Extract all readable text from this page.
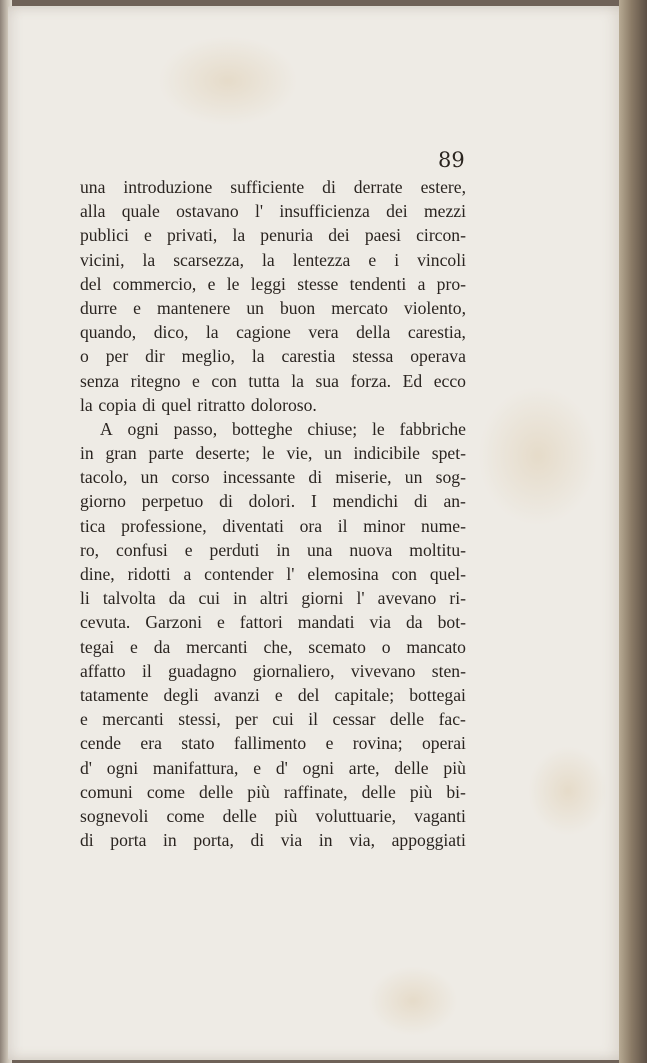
89

una introduzione sufficiente di derrate estere,
alla quale ostavano l' insufficienza dei mezzi
publici e privati, la penuria dei paesi circon-
vicini, la scarsezza, la lentezza e i vincoli
del commercio, e le leggi stesse tendenti a pro-
durre e mantenere un buon mercato violento,
quando, dico, la cagione vera della carestia,
o per dir meglio, la carestia stessa operava
senza ritegno e con tutta la sua forza. Ed ecco
la copia di quel ritratto doloroso.
A ogni passo, botteghe chiuse; le fabbriche
in gran parte deserte; le vie, un indicibile spet-
tacolo, un corso incessante di miserie, un sog-
giorno perpetuo di dolori. I mendichi di an-
tica professione, diventati ora il minor nume-
ro, confusi e perduti in una nuova moltitu-
dine, ridotti a contender l' elemosina con quel-
li talvolta da cui in altri giorni l' avevano ri-
cevuta. Garzoni e fattori mandati via da bot-
tegai e da mercanti che, scemato o mancato
affatto il guadagno giornaliero, vivevano sten-
tatamente degli avanzi e del capitale; bottegai
e mercanti stessi, per cui il cessar delle fac-
cende era stato fallimento e rovina; operai
d' ogni manifattura, e d' ogni arte, delle più
comuni come delle più raffinate, delle più bi-
sognevoli come delle più voluttuarie, vaganti
di porta in porta, di via in via, appoggiati
